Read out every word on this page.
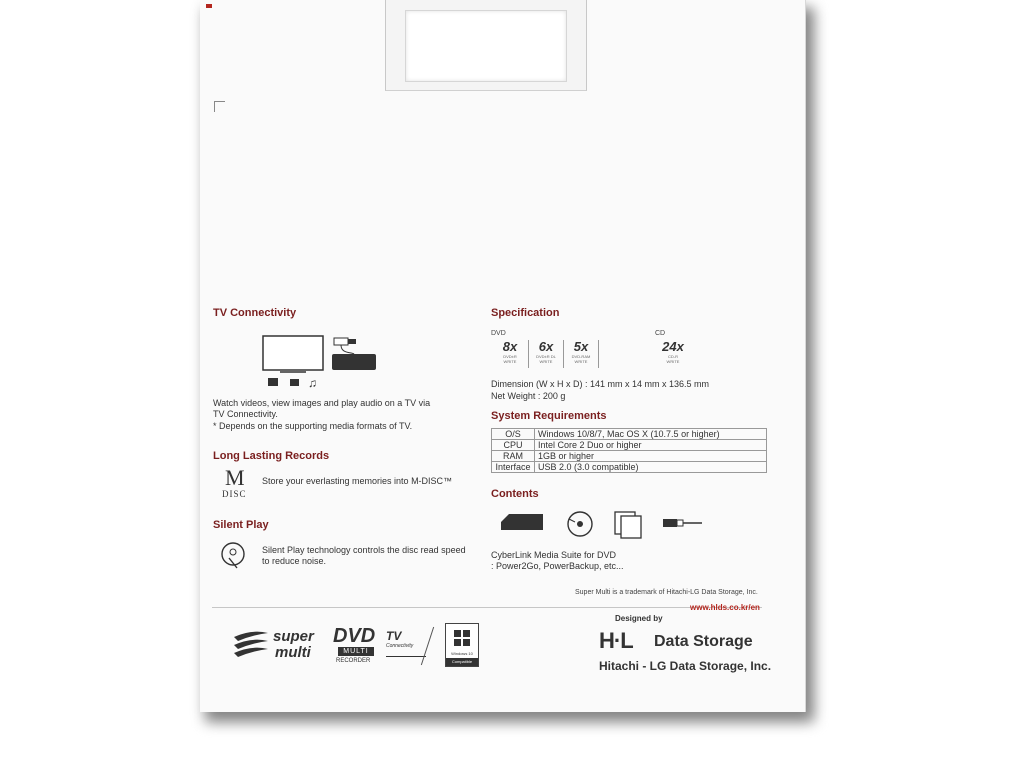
TV Connectivity
♫
Watch videos, view images and play audio on a TV via
TV Connectivity.
* Depends on the supporting media formats of TV.
Long Lasting Records
M
DISC
Store your everlasting memories into M-DISC™
Silent Play
Silent Play technology controls the disc read speed
to reduce noise.
Specification
DVD	CD
8x
DVD±R
WRITE
6x
DVD±R DL
WRITE
5x
DVD-RAM
WRITE
24x
CD-R
WRITE
Dimension (W x H x D) : 141 mm x 14 mm x 136.5 mm
Net Weight : 200 g
System Requirements
O/S	Windows 10/8/7, Mac OS X (10.7.5 or higher)
CPU	Intel Core 2 Duo or higher
RAM	1GB or higher
Interface	USB 2.0 (3.0 compatible)
Contents
CyberLink Media Suite for DVD
: Power2Go, PowerBackup, etc...
Super Multi is a trademark of Hitachi-LG Data Storage, Inc.
www.hlds.co.kr/en
super
multi
DVD
MULTI
RECORDER
TV
Connectivity
Windows 10
Compatible
Designed by
H·L Data Storage
Hitachi - LG Data Storage, Inc.
